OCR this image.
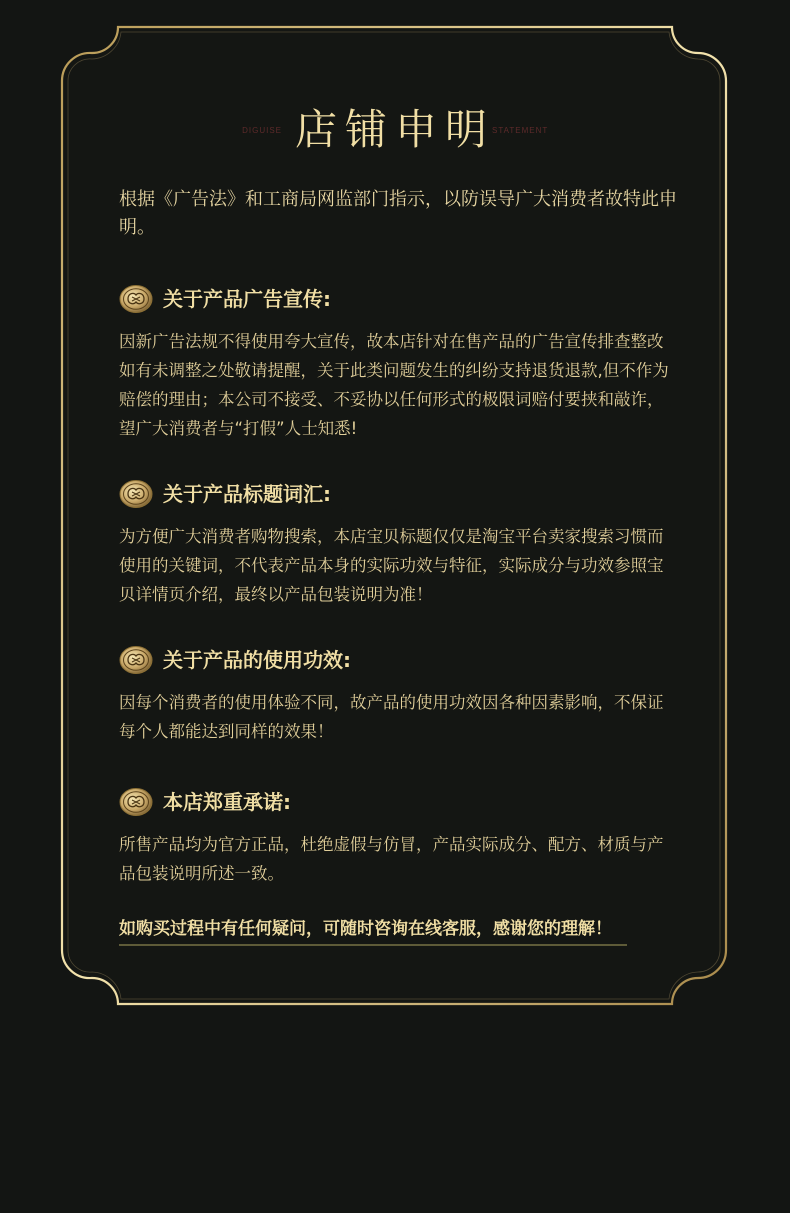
DIGUISE 店铺申明
STATEMENT
根据《广告法》和工商局网监部门指示，以防误导广大消费者故特此申明。
关于产品广告宣传:
因新广告法规不得使用夸大宣传，故本店针对在售产品的广告宣传排查整改如有未调整之处敬请提醒，关于此类问题发生的纠纷支持退货退款,但不作为赔偿的理由；本公司不接受、不妥协以任何形式的极限词赔付要挟和敲诈，望广大消费者与“打假”人士知悉!
关于产品标题词汇:
为方便广大消费者购物搜索，本店宝贝标题仅仅是淘宝平台卖家搜索习惯而使用的关键词，不代表产品本身的实际功效与特征，实际成分与功效参照宝贝详情页介绍，最终以产品包装说明为准！
关于产品的使用功效:
因每个消费者的使用体验不同，故产品的使用功效因各种因素影响，不保证每个人都能达到同样的效果！
本店郑重承诺:
所售产品均为官方正品，杜绝虚假与仿冒，产品实际成分、配方、材质与产品包装说明所述一致。
如购买过程中有任何疑问，可随时咨询在线客服，感谢您的理解！
